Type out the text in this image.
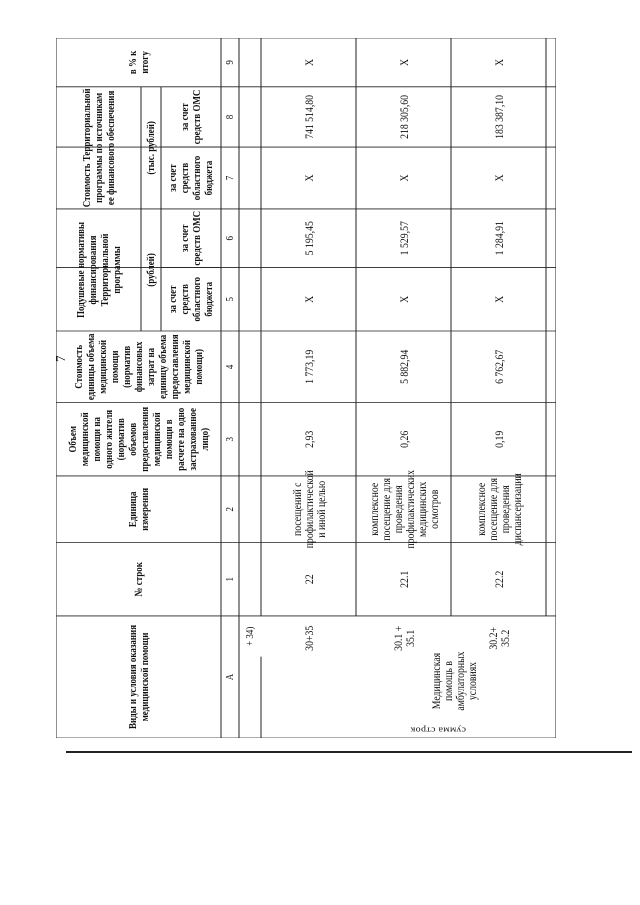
7
Виды и условия оказания медицинской помощи
№ строк
Единица измерения
Объем медицинской помощи на одного жителя (норматив объемов предоставления медицинской помощи в расчете на одно застрахованное лицо)
Стоимость единицы объема медицинской помощи (норматив финансовых затрат на единицу объема предоставления медицинской помощи)
Подушевые нормативы финансирования Территориальной программы	(рублей)
за счет средств областного бюджета
за счет средств ОМС
Стоимость Территориальной программы по источникам ее финансового обеспечения	(тыс. рублей)
за счет средств областного бюджета
за счет средств ОМС
в % к итогу
А
1
2
3
4
5
6
7
8
9
+ 34)
Медицинская помощь в амбулаторных условиях
сумма строк
30+35
22
посещений с профилактической и иной целью
2,93
1 773,19
Х
5 195,45
Х
741 514,80
Х
30.1 + 35.1
22.1
комплексное посещение для проведения профилактических медицинских осмотров
0,26
5 882,94
Х
1 529,57
Х
218 305,60
Х
30.2+ 35.2
22.2
комплексное посещение для проведения диспансеризации
0,19
6 762,67
Х
1 284,91
Х
183 387,10
Х
